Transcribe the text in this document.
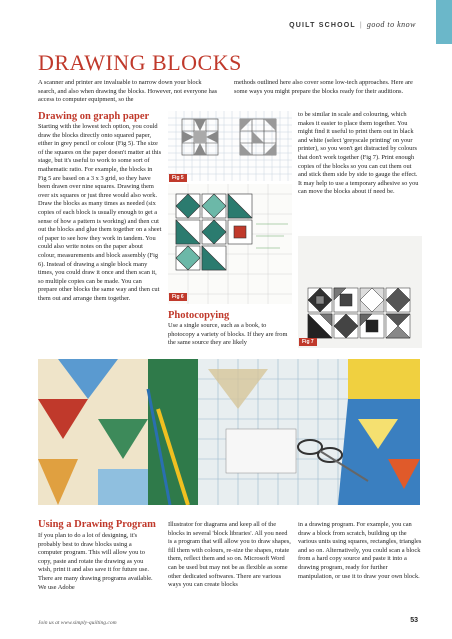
QUILT SCHOOL | good to know
DRAWING BLOCKS
A scanner and printer are invaluable to narrow down your block search, and also when drawing the blocks. However, not everyone has access to computer equipment, so the
methods outlined here also cover some low-tech approaches. Here are some ways you might prepare the blocks ready for their auditions.
Drawing on graph paper

Starting with the lowest tech option, you could draw the blocks directly onto squared paper, either in grey pencil or colour (Fig 5). The size of the squares on the paper doesn't matter at this stage, but it's useful to work to some sort of mathematic ratio. For example, the blocks in Fig 5 are based on a 3 x 3 grid, so they have been drawn over nine squares. Drawing them over six squares or just three would also work. Draw the blocks as many times as needed (six copies of each block is usually enough to get a sense of how a pattern is working) and then cut out the blocks and glue them together on a sheet of paper to see how they work in tandem. You could also write notes on the paper about colour, measurements and block assembly (Fig 6). Instead of drawing a single block many times, you could draw it once and then scan it, so multiple copies can be made. You can prepare other blocks the same way and then cut them out and arrange them together.

Fig 5
Fig 6
Photocopying

Use a single source, such as a book, to photocopy a variety of blocks. If they are from the same source they are likely

to be similar in scale and colouring, which makes it easier to place them together. You might find it useful to print them out in black and white (select 'greyscale printing' on your printer), so you won't get distracted by colours that don't work together (Fig 7). Print enough copies of the blocks so you can cut them out and stick them side by side to gauge the effect. It may help to use a temporary adhesive so you can move the blocks about if need be.

Fig 7
Using a Drawing Program

If you plan to do a lot of designing, it's probably best to draw blocks using a computer program. This will allow you to copy, paste and rotate the drawing as you wish, print it and also save it for future use. There are many drawing programs available. We use Adobe

Illustrator for diagrams and keep all of the blocks in several 'block libraries'. All you need is a program that will allow you to draw shapes, fill them with colours, re-size the shapes, rotate them, reflect them and so on. Microsoft Word can be used but may not be as flexible as some other dedicated softwares. There are various ways you can create blocks

in a drawing program. For example, you can draw a block from scratch, building up the various units using squares, rectangles, triangles and so on. Alternatively, you could scan a block from a hard copy source and paste it into a drawing program, ready for further manipulation, or use it to draw your own block.

Join us at www.simply-quilting.com	53
